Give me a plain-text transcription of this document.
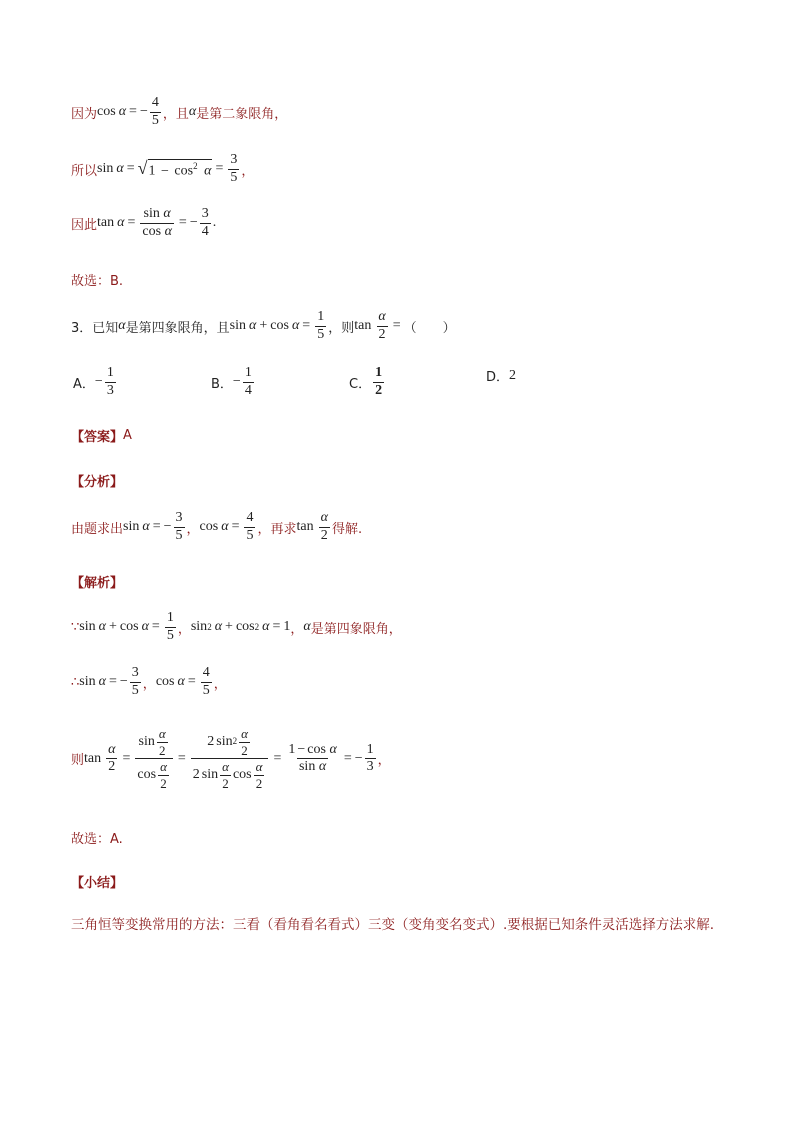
因为 cos α = − $\frac{4}{5}$ ，且 α 是第二象限角，
所以 sin α = √ $1 - \cos^2 \alpha = \frac{3}{5}$ ，
因此 $\tan \alpha = \frac{\text{sin α}}{\text{cos α}}$ = − $\frac{3}{4}$ .
故选：B.
3．已知 α 是第四象限角，且 $\sin \alpha + \cos \alpha = \frac{1}{5}$ ，则 $\tan \frac{\alpha}{2}$ = （　　）
A． − $\frac{1}{3}$	B． − $\frac{1}{4}$	C． $\frac{1}{2}$	D． 2
【答案】 A
【分析】
由题求出 sin α = − $\frac{3}{5}$ ， $\cos \alpha = \frac{4}{5}$ ，再求 $\tan \frac{\alpha}{2}$ 得解.
【解析】
∵ $\sin \alpha + \cos \alpha = \frac{1}{5}$ ， sin 2 α + cos 2 α = 1 ， α 是第四象限角，
∴ sin α = − $\frac{3}{5}$ ， $\cos \alpha = \frac{4}{5}$ ，
则 $\tan \frac{\alpha}{2} = \frac{\sin \frac{\alpha}{2}}{\cos \frac{\alpha}{2}} = \frac{2 \sin 2 \frac{\alpha}{2}}{2 \sin \frac{\alpha}{2} \cos \frac{\alpha}{2}} = \frac{\text{1 − cos α}}{\text{sin α}}$ = − $\frac{1}{3}$ ，
故选：A.
【小结】
三角恒等变换常用的方法：三看（看角看名看式）三变（变角变名变式）.要根据已知条件灵活选择方法求解.
